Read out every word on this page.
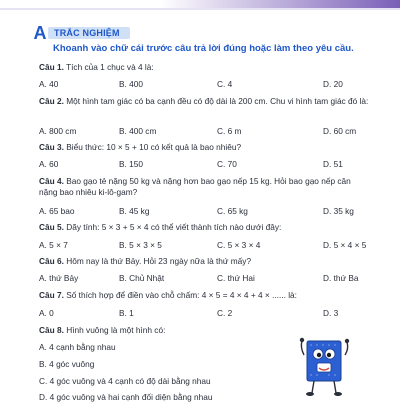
A TRẮC NGHIỆM
Khoanh vào chữ cái trước câu trả lời đúng hoặc làm theo yêu cầu.
Câu 1. Tích của 1 chục và 4 là:
A. 40	B. 400	C. 4	D. 20
Câu 2. Một hình tam giác có ba cạnh đều có độ dài là 200 cm. Chu vi hình tam giác đó là:
A. 800 cm	B. 400 cm	C. 6 m	D. 60 cm
Câu 3. Biểu thức: 10 × 5 + 10 có kết quả là bao nhiêu?
A. 60	B. 150	C. 70	D. 51
Câu 4. Bao gạo tẻ nặng 50 kg và nặng hơn bao gạo nếp 15 kg. Hỏi bao gạo nếp cân nặng bao nhiêu ki-lô-gam?
A. 65 bao	B. 45 kg	C. 65 kg	D. 35 kg
Câu 5. Dãy tính: 5 × 3 + 5 × 4 có thể viết thành tích nào dưới đây:
A. 5 × 7	B. 5 × 3 × 5	C. 5 × 3 × 4	D. 5 × 4 × 5
Câu 6. Hôm nay là thứ Bảy. Hỏi 23 ngày nữa là thứ mấy?
A. thứ Bảy	B. Chủ Nhật	C. thứ Hai	D. thứ Ba
Câu 7. Số thích hợp để điền vào chỗ chấm: 4 × 5 = 4 × 4 + 4 × ...... là:
A. 0	B. 1	C. 2	D. 3
Câu 8. Hình vuông là một hình có:
A. 4 cạnh bằng nhau
B. 4 góc vuông
C. 4 góc vuông và 4 cạnh có độ dài bằng nhau
D. 4 góc vuông và hai cạnh đối diện bằng nhau
